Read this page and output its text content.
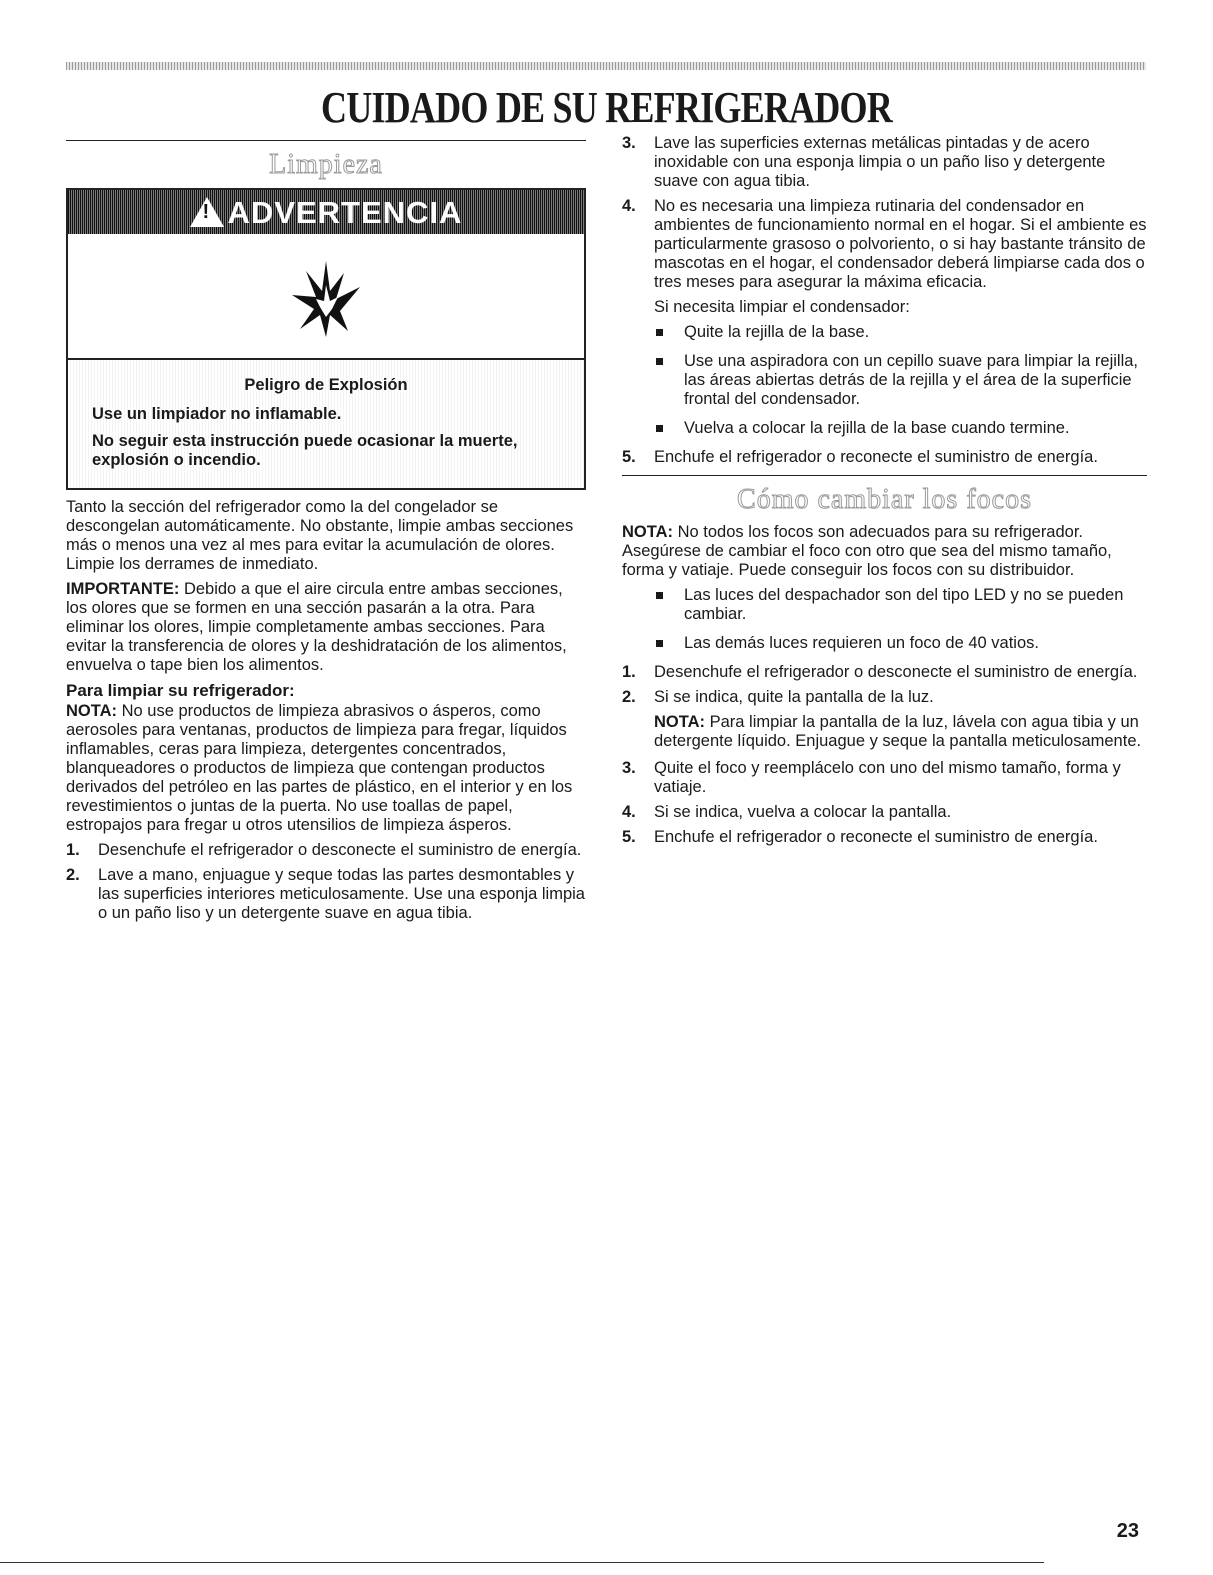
CUIDADO DE SU REFRIGERADOR
Limpieza
!
ADVERTENCIA
Peligro de Explosión

Use un limpiador no inflamable.

No seguir esta instrucción puede ocasionar la muerte, explosión o incendio.

Tanto la sección del refrigerador como la del congelador se descongelan automáticamente. No obstante, limpie ambas secciones más o menos una vez al mes para evitar la acumulación de olores. Limpie los derrames de inmediato.

IMPORTANTE: Debido a que el aire circula entre ambas secciones, los olores que se formen en una sección pasarán a la otra. Para eliminar los olores, limpie completamente ambas secciones. Para evitar la transferencia de olores y la deshidratación de los alimentos, envuelva o tape bien los alimentos.

Para limpiar su refrigerador:

NOTA: No use productos de limpieza abrasivos o ásperos, como aerosoles para ventanas, productos de limpieza para fregar, líquidos inflamables, ceras para limpieza, detergentes concentrados, blanqueadores o productos de limpieza que contengan productos derivados del petróleo en las partes de plástico, en el interior y en los revestimientos o juntas de la puerta. No use toallas de papel, estropajos para fregar u otros utensilios de limpieza ásperos.

1.	Desenchufe el refrigerador o desconecte el suministro de energía.
2.	Lave a mano, enjuague y seque todas las partes desmontables y las superficies interiores meticulosamente. Use una esponja limpia o un paño liso y un detergente suave en agua tibia.
3.	Lave las superficies externas metálicas pintadas y de acero inoxidable con una esponja limpia o un paño liso y detergente suave con agua tibia.
4.	No es necesaria una limpieza rutinaria del condensador en ambientes de funcionamiento normal en el hogar. Si el ambiente es particularmente grasoso o polvoriento, o si hay bastante tránsito de mascotas en el hogar, el condensador deberá limpiarse cada dos o tres meses para asegurar la máxima eficacia.

Si necesita limpiar el condensador:

Quite la rejilla de la base.
Use una aspiradora con un cepillo suave para limpiar la rejilla, las áreas abiertas detrás de la rejilla y el área de la superficie frontal del condensador.
Vuelva a colocar la rejilla de la base cuando termine.
5.	Enchufe el refrigerador o reconecte el suministro de energía.
Cómo cambiar los focos

NOTA: No todos los focos son adecuados para su refrigerador. Asegúrese de cambiar el foco con otro que sea del mismo tamaño, forma y vatiaje. Puede conseguir los focos con su distribuidor.

Las luces del despachador son del tipo LED y no se pueden cambiar.
Las demás luces requieren un foco de 40 vatios.
1.	Desenchufe el refrigerador o desconecte el suministro de energía.
2.	Si se indica, quite la pantalla de la luz.

NOTA: Para limpiar la pantalla de la luz, lávela con agua tibia y un detergente líquido. Enjuague y seque la pantalla meticulosamente.

3.	Quite el foco y reemplácelo con uno del mismo tamaño, forma y vatiaje.
4.	Si se indica, vuelva a colocar la pantalla.
5.	Enchufe el refrigerador o reconecte el suministro de energía.
23
